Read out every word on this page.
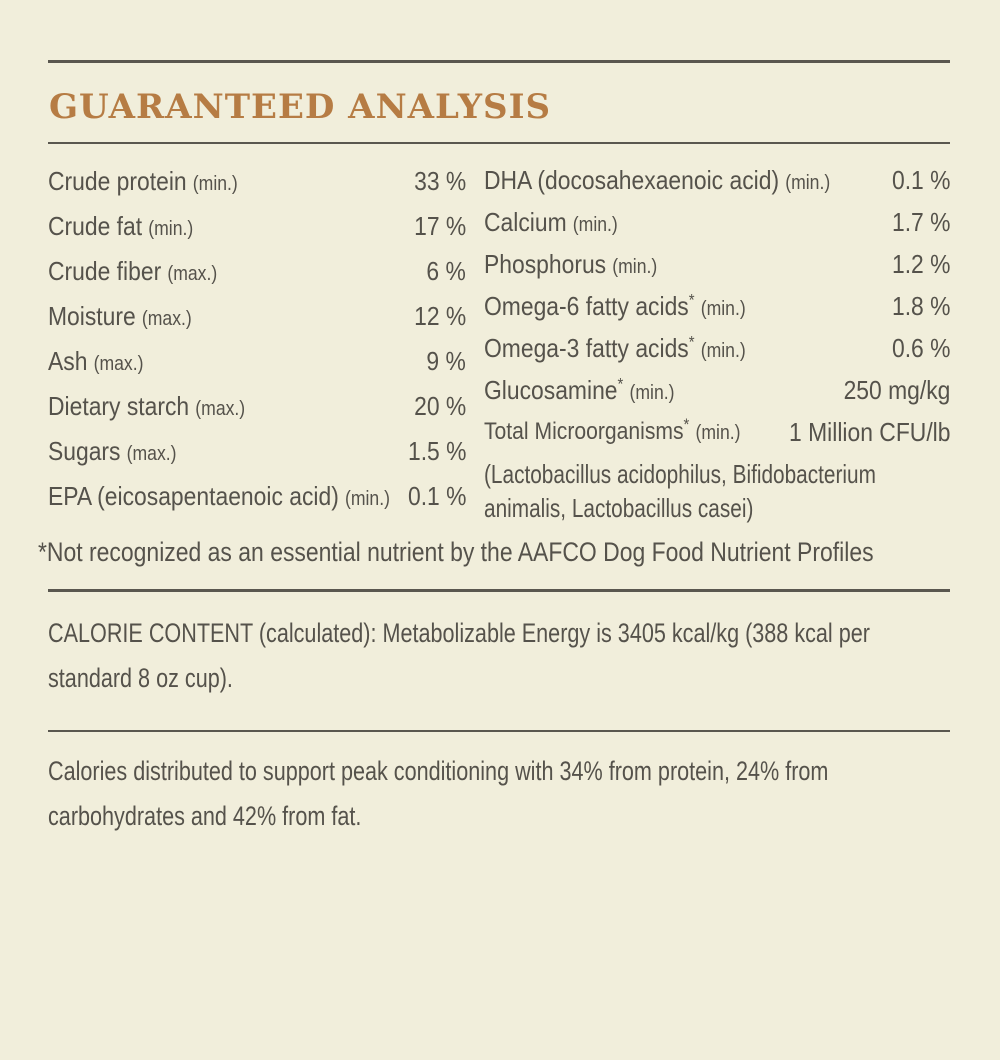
GUARANTEED ANALYSIS
Crude protein (min.)	33 %
Crude fat (min.)	17 %
Crude fiber (max.)	6 %
Moisture (max.)	12 %
Ash (max.)	9 %
Dietary starch (max.)	20 %
Sugars (max.)	1.5 %
EPA (eicosapentaenoic acid) (min.) 0.1 %
DHA (docosahexaenoic acid) (min.) 0.1 %
Calcium (min.)	1.7 %
Phosphorus (min.)	1.2 %
Omega-6 fatty acids* (min.)	1.8 %
Omega-3 fatty acids* (min.)	0.6 %
Glucosamine* (min.)	250 mg/kg
Total Microorganisms* (min.) 1 Million CFU/lb
(Lactobacillus acidophilus, Bifidobacterium animalis, Lactobacillus casei)
*Not recognized as an essential nutrient by the AAFCO Dog Food Nutrient Profiles

CALORIE CONTENT (calculated): Metabolizable Energy is 3405 kcal/kg (388 kcal per standard 8 oz cup).

Calories distributed to support peak conditioning with 34% from protein, 24% from carbohydrates and 42% from fat.
